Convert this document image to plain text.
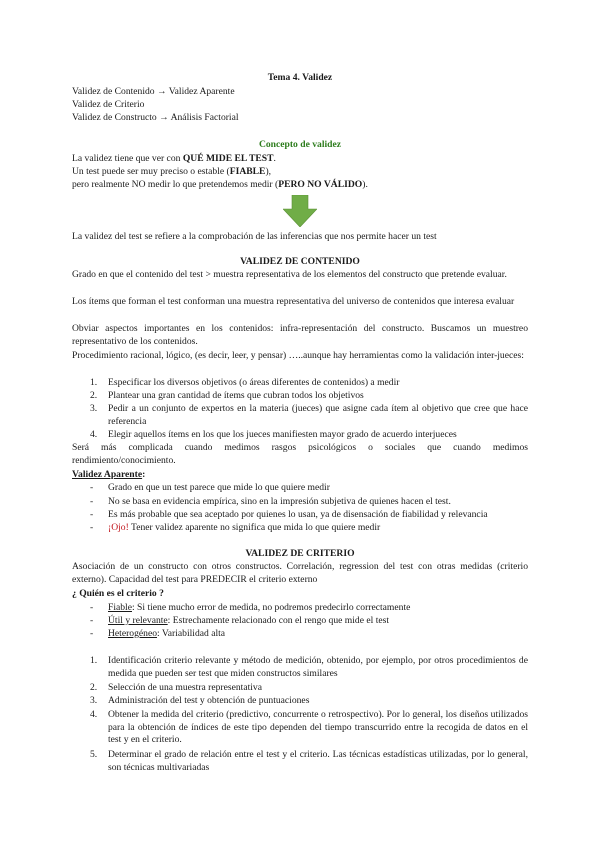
Tema 4. Validez
Validez de Contenido → Validez Aparente
Validez de Criterio
Validez de Constructo → Análisis Factorial
Concepto de validez
La validez tiene que ver con QUÉ MIDE EL TEST.
Un test puede ser muy preciso o estable (FIABLE),
pero realmente NO medir lo que pretendemos medir (PERO NO VÁLIDO).
La validez del test se refiere a la comprobación de las inferencias que nos permite hacer un test
VALIDEZ DE CONTENIDO
Grado en que el contenido del test > muestra representativa de los elementos del constructo que pretende evaluar.
Los ítems que forman el test conforman una muestra representativa del universo de contenidos que interesa evaluar
Obviar aspectos importantes en los contenidos: infra-representación del constructo. Buscamos un muestreo representativo de los contenidos.
Procedimiento racional, lógico, (es decir, leer, y pensar) …..aunque hay herramientas como la validación inter-jueces:
1. Especificar los diversos objetivos (o áreas diferentes de contenidos) a medir
2. Plantear una gran cantidad de ítems que cubran todos los objetivos
3. Pedir a un conjunto de expertos en la materia (jueces) que asigne cada ítem al objetivo que cree que hace referencia
4. Elegir aquellos ítems en los que los jueces manifiesten mayor grado de acuerdo interjueces
Será más complicada cuando medimos rasgos psicológicos o sociales que cuando medimos rendimiento/conocimiento.
Validez Aparente:
- Grado en que un test parece que mide lo que quiere medir
- No se basa en evidencia empírica, sino en la impresión subjetiva de quienes hacen el test.
- Es más probable que sea aceptado por quienes lo usan, ya de disensación de fiabilidad y relevancia
- ¡Ojo! Tener validez aparente no significa que mida lo que quiere medir
VALIDEZ DE CRITERIO
Asociación de un constructo con otros constructos. Correlación, regression del test con otras medidas (criterio externo). Capacidad del test para PREDECIR el criterio externo
¿ Quién es el criterio ?
- Fiable: Si tiene mucho error de medida, no podremos predecirlo correctamente
- Útil y relevante: Estrechamente relacionado con el rengo que mide el test
- Heterogéneo: Variabilidad alta
1. Identificación criterio relevante y método de medición, obtenido, por ejemplo, por otros procedimientos de medida que pueden ser test que miden constructos similares
2. Selección de una muestra representativa
3. Administración del test y obtención de puntuaciones
4. Obtener la medida del criterio (predictivo, concurrente o retrospectivo). Por lo general, los diseños utilizados para la obtención de índices de este tipo dependen del tiempo transcurrido entre la recogida de datos en el test y en el criterio.
5. Determinar el grado de relación entre el test y el criterio. Las técnicas estadísticas utilizadas, por lo general, son técnicas multivariadas
